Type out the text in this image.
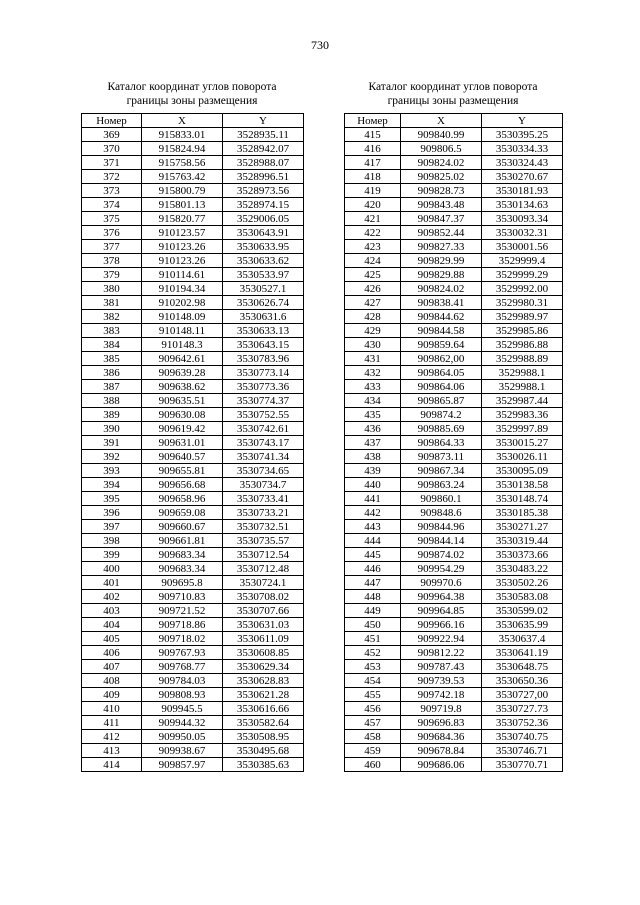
730
Каталог координат углов поворота
границы зоны размещения
Номер	X	Y
369	915833.01	3528935.11
370	915824.94	3528942.07
371	915758.56	3528988.07
372	915763.42	3528996.51
373	915800.79	3528973.56
374	915801.13	3528974.15
375	915820.77	3529006.05
376	910123.57	3530643.91
377	910123.26	3530633.95
378	910123.26	3530633.62
379	910114.61	3530533.97
380	910194.34	3530527.1
381	910202.98	3530626.74
382	910148.09	3530631.6
383	910148.11	3530633.13
384	910148.3	3530643.15
385	909642.61	3530783.96
386	909639.28	3530773.14
387	909638.62	3530773.36
388	909635.51	3530774.37
389	909630.08	3530752.55
390	909619.42	3530742.61
391	909631.01	3530743.17
392	909640.57	3530741.34
393	909655.81	3530734.65
394	909656.68	3530734.7
395	909658.96	3530733.41
396	909659.08	3530733.21
397	909660.67	3530732.51
398	909661.81	3530735.57
399	909683.34	3530712.54
400	909683.34	3530712.48
401	909695.8	3530724.1
402	909710.83	3530708.02
403	909721.52	3530707.66
404	909718.86	3530631.03
405	909718.02	3530611.09
406	909767.93	3530608.85
407	909768.77	3530629.34
408	909784.03	3530628.83
409	909808.93	3530621.28
410	909945.5	3530616.66
411	909944.32	3530582.64
412	909950.05	3530508.95
413	909938.67	3530495.68
414	909857.97	3530385.63
Каталог координат углов поворота
границы зоны размещения
Номер	X	Y
415	909840.99	3530395.25
416	909806.5	3530334.33
417	909824.02	3530324.43
418	909825.02	3530270.67
419	909828.73	3530181.93
420	909843.48	3530134.63
421	909847.37	3530093.34
422	909852.44	3530032.31
423	909827.33	3530001.56
424	909829.99	3529999.4
425	909829.88	3529999.29
426	909824.02	3529992.00
427	909838.41	3529980.31
428	909844.62	3529989.97
429	909844.58	3529985.86
430	909859.64	3529986.88
431	909862,00	3529988.89
432	909864.05	3529988.1
433	909864.06	3529988.1
434	909865.87	3529987.44
435	909874.2	3529983.36
436	909885.69	3529997.89
437	909864.33	3530015.27
438	909873.11	3530026.11
439	909867.34	3530095.09
440	909863.24	3530138.58
441	909860.1	3530148.74
442	909848.6	3530185.38
443	909844.96	3530271.27
444	909844.14	3530319.44
445	909874.02	3530373.66
446	909954.29	3530483.22
447	909970.6	3530502.26
448	909964.38	3530583.08
449	909964.85	3530599.02
450	909966.16	3530635.99
451	909922.94	3530637.4
452	909812.22	3530641.19
453	909787.43	3530648.75
454	909739.53	3530650.36
455	909742.18	3530727,00
456	909719.8	3530727.73
457	909696.83	3530752.36
458	909684.36	3530740.75
459	909678.84	3530746.71
460	909686.06	3530770.71
